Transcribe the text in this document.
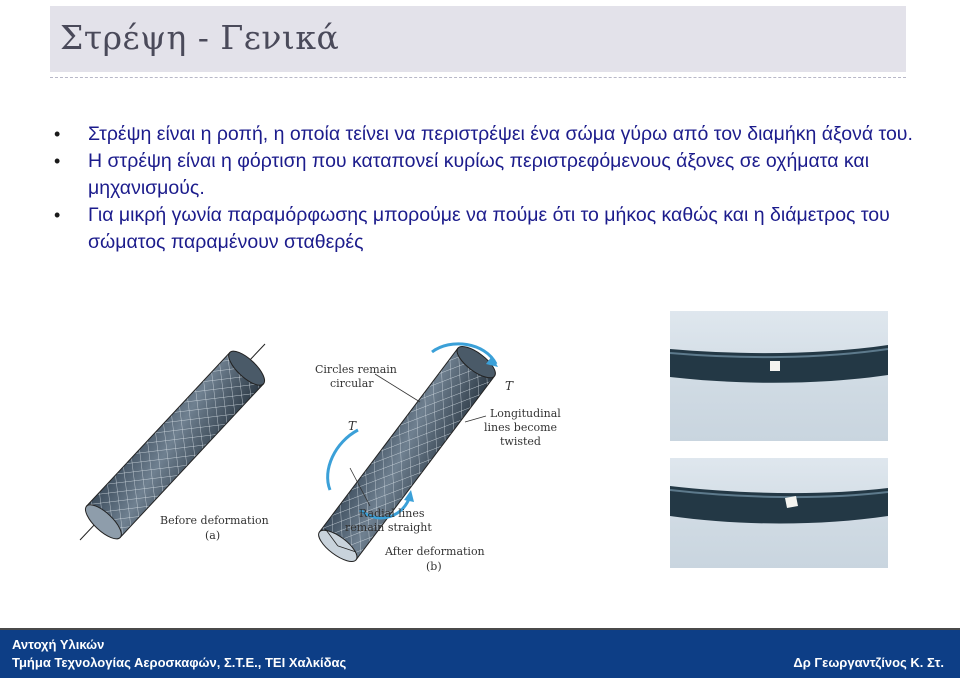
Στρέψη - Γενικά
• Στρέψη είναι η ροπή, η οποία τείνει να περιστρέψει ένα σώμα γύρω από τον διαμήκη άξονά του.
• Η στρέψη είναι η φόρτιση που καταπονεί κυρίως περιστρεφόμενους άξονες σε οχήματα και μηχανισμούς.
• Για μικρή γωνία παραμόρφωσης μπορούμε να πούμε ότι το μήκος καθώς και η διάμετρος του σώματος παραμένουν σταθερές
Before deformation
(a)
Circles remain
circular
Longitudinal
lines become
twisted
Radial lines
remain straight
After deformation
(b)
T
T
Αντοχή Υλικών
Τμήμα Τεχνολογίας Αεροσκαφών, Σ.Τ.Ε., ΤΕΙ Χαλκίδας	Δρ Γεωργαντζίνος Κ. Στ.
